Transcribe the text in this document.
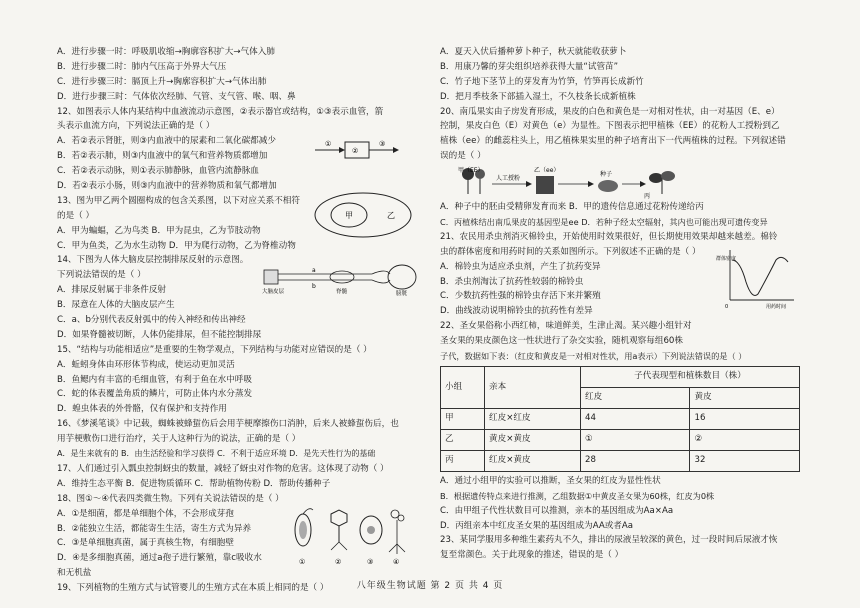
A．进行步骤一时：呼吸肌收缩→胸廓容积扩大→气体入肺
B．进行步骤二时：肺内气压高于外界大气压
C．进行步骤三时：膈顶上升→胸廓容积扩大→气体出肺
D．进行步骤三时：气体依次经肺、气管、支气管、喉、咽、鼻
12、如图表示人体内某结构中血液流动示意图，②表示器官或结构，①③表示血管，箭
头表示血流方向，下列说法正确的是（ ）
A．若②表示肾脏，则③内血液中的尿素和二氧化碳都减少
B．若②表示肺，则③内血液中的氧气和营养物质都增加
①
②
③
C．若②表示动脉，则①表示肺静脉，血管内流静脉血
D．若②表示小肠，则③内血液中的营养物质和氧气都增加
13、图为甲乙两个圆圈构成的包含关系图，以下对应关系不相符
的是（ ）	甲	乙
A．甲为蝙蝠，乙为鸟类 B．甲为昆虫，乙为节肢动物
C．甲为鱼类，乙为水生动物 D．甲为爬行动物，乙为脊椎动物
14、下图为人体大脑皮层控制排尿反射的示意图。
下列说法错误的是（ ）
A．排尿反射属于非条件反射
B．尿意在人体的大脑皮层产生
大脑皮层	脊髓	膀胱
a
b
C．a、b分别代表反射弧中的传入神经和传出神经
D．如果脊髓被切断，人体仍能排尿，但不能控制排尿
15、“结构与功能相适应”是重要的生物学观点，下列结构与功能对应错误的是（ ）
A．蚯蚓身体由环形体节构成，使运动更加灵活
B．鱼鳃内有丰富的毛细血管，有利于鱼在水中呼吸
C．蛇的体表覆盖角质的鳞片，可防止体内水分蒸发
D．蝗虫体表的外骨骼，仅有保护和支持作用
16、《梦溪笔谈》中记载，蜘蛛被蜂蜇伤后会用芋梗摩擦伤口消肿，后来人被蜂蜇伤后，也
用芋梗敷伤口进行治疗，关于人这种行为的说法，正确的是（ ）
A．是生来就有的 B．由生活经验和学习获得 C．不利于适应环境 D．是先天性行为的基础
17、人们通过引入瓢虫控制蚜虫的数量，减轻了蚜虫对作物的危害。这体现了动物（ ）
A．维持生态平衡 B．促进物质循环 C．帮助植物传粉 D．帮助传播种子
18、图①～④代表四类微生物。下列有关说法错误的是（ ）
A．①是细菌，都是单细胞个体，不会形成芽孢
B．②能独立生活，都能寄生生活，寄生方式为异养
C．③是单细胞真菌，属于真核生物，有细胞壁
D．④是多细胞真菌，通过a孢子进行繁殖，靠c吸收水
和无机盐
①	②	③	④
19、下列植物的生殖方式与试管婴儿的生殖方式在本质上相同的是（ ）
A．夏天入伏后播种萝卜种子，秋天就能收获萝卜
B．用康乃馨的芽尖组织培养获得大量“试管苗”
C．竹子地下茎节上的芽发育为竹笋，竹笋再长成新竹
D．把月季枝条下部插入湿土，不久枝条长成新植株
20、南瓜果实由子房发育形成，果皮的白色和黄色是一对相对性状，由一对基因（E、e）
控制，果皮白色（E）对黄色（e）为显性。下图表示把甲植株（EE）的花粉人工授粉到乙
植株（ee）的雌蕊柱头上，用乙植株果实里的种子培育出下一代两植株的过程。下列叙述错
误的是（ ）
甲（EE）
人工授粉
乙（ee）
种子
丙
A．种子中的胚由受精卵发育而来 B．甲的遗传信息通过花粉传递给丙
C．丙植株结出南瓜果皮的基因型是ee D．若种子经太空辐射，其内也可能出现可遗传变异
21、农民用杀虫剂消灭棉铃虫，开始使用时效果很好，但长期使用效果却越来越差。棉铃
虫的群体密度和用药时间的关系如图所示。下列叙述不正确的是（ ）
A．棉铃虫为适应杀虫剂，产生了抗药变异
B．杀虫剂淘汰了抗药性较弱的棉铃虫
C．少数抗药性强的棉铃虫存活下来并繁殖
D．曲线波动说明棉铃虫的抗药性有差异
群体密度
用药时间
0
22、圣女果俗称小西红柿，味道鲜美，生津止渴。某兴趣小组针对
圣女果的果皮颜色这一性状进行了杂交实验，随机观察每组60株
子代，数据如下表：（红皮和黄皮是一对相对性状，用a表示）下列说法错误的是（ ）
小组	亲本	子代表现型和植株数目（株）	
		红皮	黄皮
甲	红皮×红皮	44	16
乙	黄皮×黄皮	①	②
丙	红皮×黄皮	28	32
A．通过小组甲的实验可以推断，圣女果的红皮为显性性状
B．根据遗传特点来进行推测，乙组数据①中黄皮圣女果为60株，红皮为0株
C．由甲组子代性状数目可以推测，亲本的基因组成为Aa×Aa
D．丙组亲本中红皮圣女果的基因组成为AA或者Aa
23、某同学服用多种维生素药丸不久，排出的尿液呈较深的黄色，过一段时间后尿液才恢
复至常颜色。关于此现象的推述，错误的是（ ）
八年级生物试题 第 2 页 共 4 页
